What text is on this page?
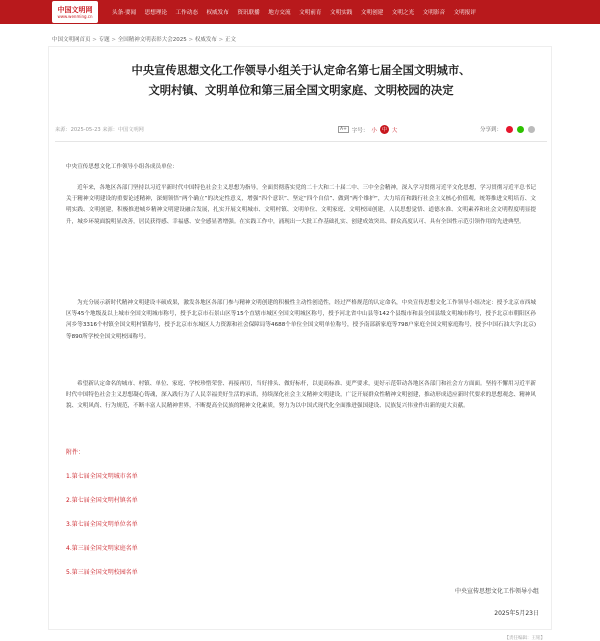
中国文明网
www.wenming.cn
头条·要闻 思想理论 工作动态 权威发布 资讯联播 地方交流 文明前育 文明实践 文明创建 文明之光 文明影音 文明报评
中国文明网首页 > 专题 > 全国精神文明表彰大会2025 > 权威发布 > 正文
中央宣传思想文化工作领导小组关于认定命名第七届全国文明城市、
文明村镇、文明单位和第三届全国文明家庭、文明校园的决定
来源：2025-05-23 来源：中国文明网	A+ 字号： 小 中 大	分享到：

中央宣传思想文化工作领导小组各成员单位：

近年来，各地区各部门坚持以习近平新时代中国特色社会主义思想为指导，全面贯彻落实党的二十大和二十届二中、三中全会精神，深入学习贯彻习近平文化思想，学习贯彻习近平总书记关于精神文明建设的重要论述精神，深刻领悟“两个确立”的决定性意义，增强“四个意识”、坚定“四个自信”、做到“两个维护”，大力培育和践行社会主义核心价值观，统筹推进文明培育、文明实践、文明创建，积极推进城乡精神文明建设融合发展，扎实开展文明城市、文明村镇、文明单位、文明家庭、文明校园创建，人民思想觉悟、道德水准、文明素养和社会文明程度明显提升，城乡环境面貌明显改善，居民获得感、幸福感、安全感显著增强。在实践工作中，涌现出一大批工作基础扎实、创建成效突出、群众高度认可、具有全国性示范引领作用的先进典型。

为充分展示新时代精神文明建设丰硕成果，激发各地区各部门参与精神文明创建的积极性主动性创造性，经过严格规范的认定命名，中央宣传思想文化工作领导小组决定：授予北京市西城区等45个地级及以上城市全国文明城市称号，授予北京市石景山区等15个直辖市城区全国文明城区称号，授予河北省中山县等142个县级市和县全国县级文明城市称号，授予北京市朝阳区孙河乡等3316个村镇全国文明村镇称号，授予北京市东城区人力资源和社会保障局等4688个单位全国文明单位称号，授予南部新家庭等798户家庭全国文明家庭称号，授予中国石油大学(北京)等890所学校全国文明校园称号。

希望新认定命名的城市、村镇、单位、家庭、学校珍惜荣誉、再接再厉，当好排头、做好标杆，以更高标准、更严要求，更好示范带动各地区各部门和社会方方面面。坚持不懈用习近平新时代中国特色社会主义思想凝心铸魂，深入践行为了人民幸福美好生活的承诺，持续深化社会主义精神文明建设，广泛开展群众性精神文明创建，推动形成适应新时代要求的思想观念、精神风貌、文明风尚、行为规范，不断丰富人民精神世界，不断提高全民族的精神文化素质，努力为以中国式现代化全面推进强国建设、民族复兴伟业作出新的更大贡献。

附件：
1.第七届全国文明城市名单
2.第七届全国文明村镇名单
3.第七届全国文明单位名单
4.第三届全国文明家庭名单
5.第三届全国文明校园名单
中央宣传思想文化工作领导小组
2025年5月23日
【责任编辑：王铭】
